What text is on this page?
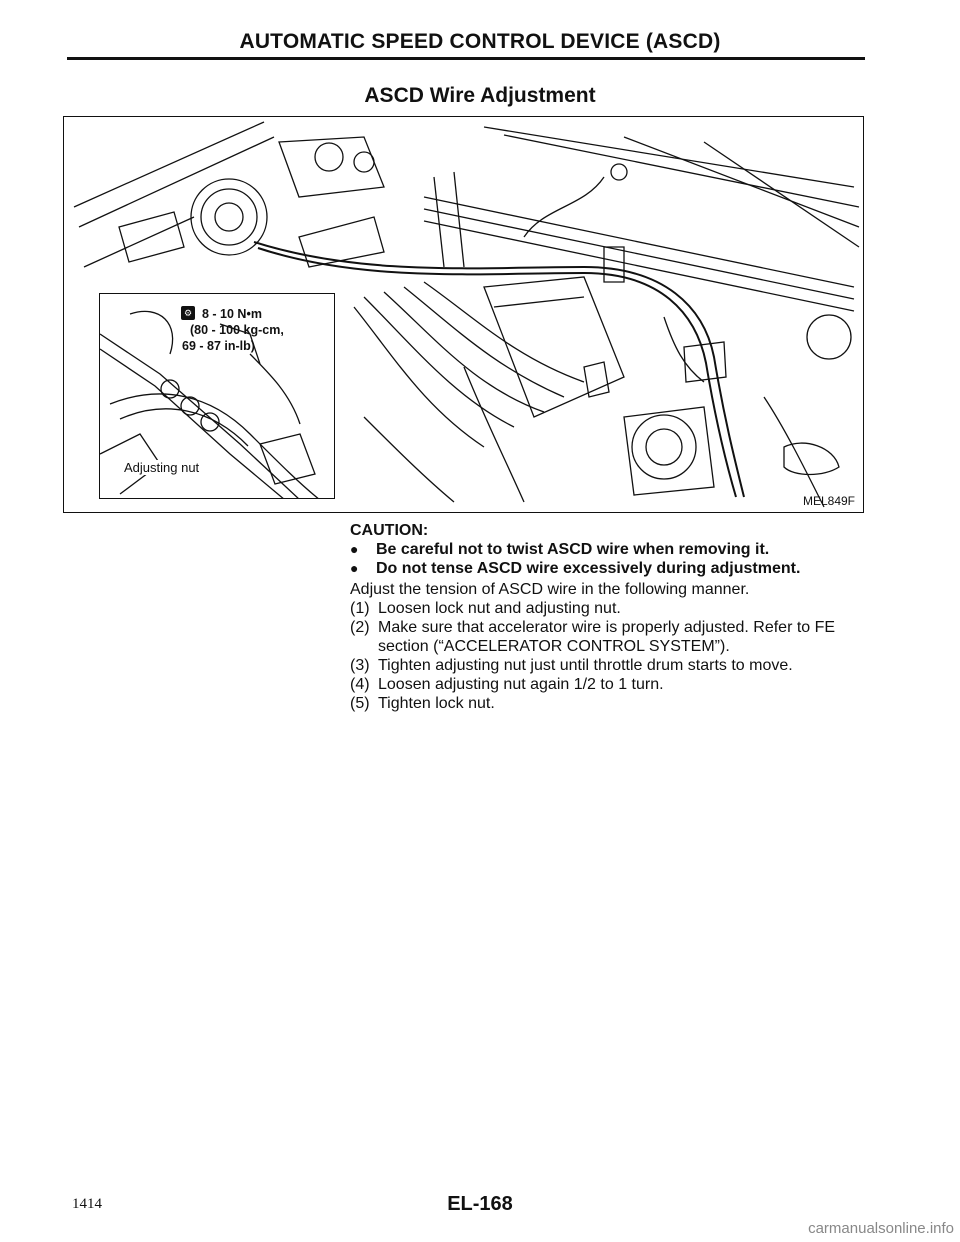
AUTOMATIC SPEED CONTROL DEVICE (ASCD)
ASCD Wire Adjustment
⚙ 8 - 10 N•m
(80 - 100 kg-cm,
69 - 87 in-lb)
Adjusting nut
MEL849F
CAUTION:
●	Be careful not to twist ASCD wire when removing it.
●	Do not tense ASCD wire excessively during adjustment.
Adjust the tension of ASCD wire in the following manner.
(1) Loosen lock nut and adjusting nut.
(2) Make sure that accelerator wire is properly adjusted. Refer to FE section (“ACCELERATOR CONTROL SYSTEM”).
(3) Tighten adjusting nut just until throttle drum starts to move.
(4) Loosen adjusting nut again 1/2 to 1 turn.
(5) Tighten lock nut.
1414	EL-168
carmanualsonline.info
